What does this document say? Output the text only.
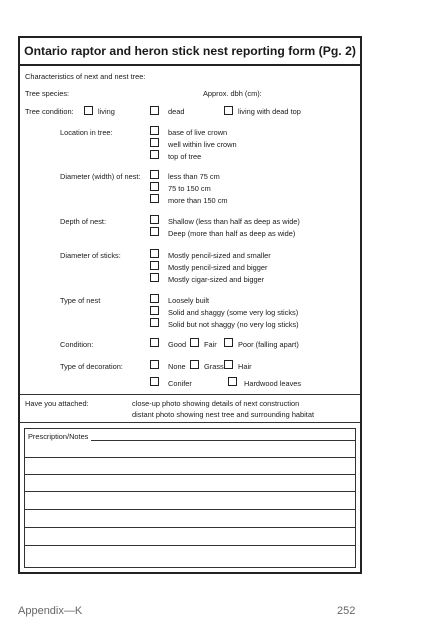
Ontario raptor and heron stick nest reporting form (Pg. 2)
Characteristics of next and nest tree:
Tree species:	Approx. dbh (cm):
Tree condition:	living	dead	living with dead top
Location in tree:	base of live crown
well within live crown
top of tree
Diameter (width) of nest:	less than 75 cm
75 to 150 cm
more than 150 cm
Depth of nest:	Shallow (less than half as deep as wide)
Deep (more than half as deep as wide)
Diameter of sticks:	Mostly pencil-sized and smaller
Mostly pencil-sized and bigger
Mostly cigar-sized and bigger
Type of nest	Loosely built
Solid and shaggy (some very log sticks)
Solid but not shaggy (no very log sticks)
Condition:	Good Fair	Poor (falling apart)
Type of decoration:	None Grass Hair
Conifer	Hardwood leaves
Have you attached:	close-up photo showing details of next construction
distant photo showing nest tree and surrounding habitat
Prescription/Notes
Appendix—K	252
